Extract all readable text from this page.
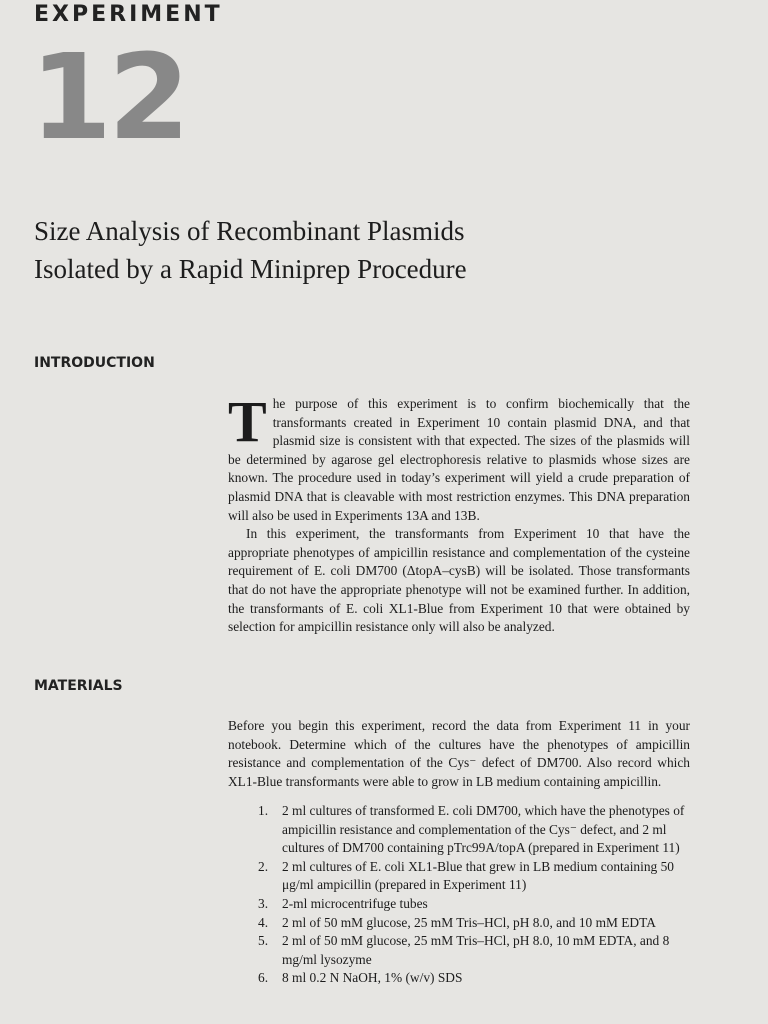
EXPERIMENT
12
Size Analysis of Recombinant Plasmids
Isolated by a Rapid Miniprep Procedure
INTRODUCTION

The purpose of this experiment is to confirm biochemically that the transformants created in Experiment 10 contain plasmid DNA, and that plasmid size is consistent with that expected. The sizes of the plasmids will be determined by agarose gel electrophoresis relative to plasmids whose sizes are known. The procedure used in today’s experiment will yield a crude preparation of plasmid DNA that is cleavable with most restriction enzymes. This DNA preparation will also be used in Experiments 13A and 13B.

In this experiment, the transformants from Experiment 10 that have the appropriate phenotypes of ampicillin resistance and complementation of the cysteine requirement of E. coli DM700 (ΔtopA–cysB) will be isolated. Those transformants that do not have the appropriate phenotype will not be examined further. In addition, the transformants of E. coli XL1-Blue from Experiment 10 that were obtained by selection for ampicillin resistance only will also be analyzed.

MATERIALS
Before you begin this experiment, record the data from Experiment 11 in your notebook. Determine which of the cultures have the phenotypes of ampicillin resistance and complementation of the Cys⁻ defect of DM700. Also record which XL1-Blue transformants were able to grow in LB medium containing ampicillin.
1. 2 ml cultures of transformed E. coli DM700, which have the phenotypes of ampicillin resistance and complementation of the Cys⁻ defect, and 2 ml cultures of DM700 containing pTrc99A/topA (prepared in Experiment 11)
2. 2 ml cultures of E. coli XL1-Blue that grew in LB medium containing 50 μg/ml ampicillin (prepared in Experiment 11)
3. 2-ml microcentrifuge tubes
4. 2 ml of 50 mM glucose, 25 mM Tris–HCl, pH 8.0, and 10 mM EDTA
5. 2 ml of 50 mM glucose, 25 mM Tris–HCl, pH 8.0, 10 mM EDTA, and 8 mg/ml lysozyme
6. 8 ml 0.2 N NaOH, 1% (w/v) SDS
